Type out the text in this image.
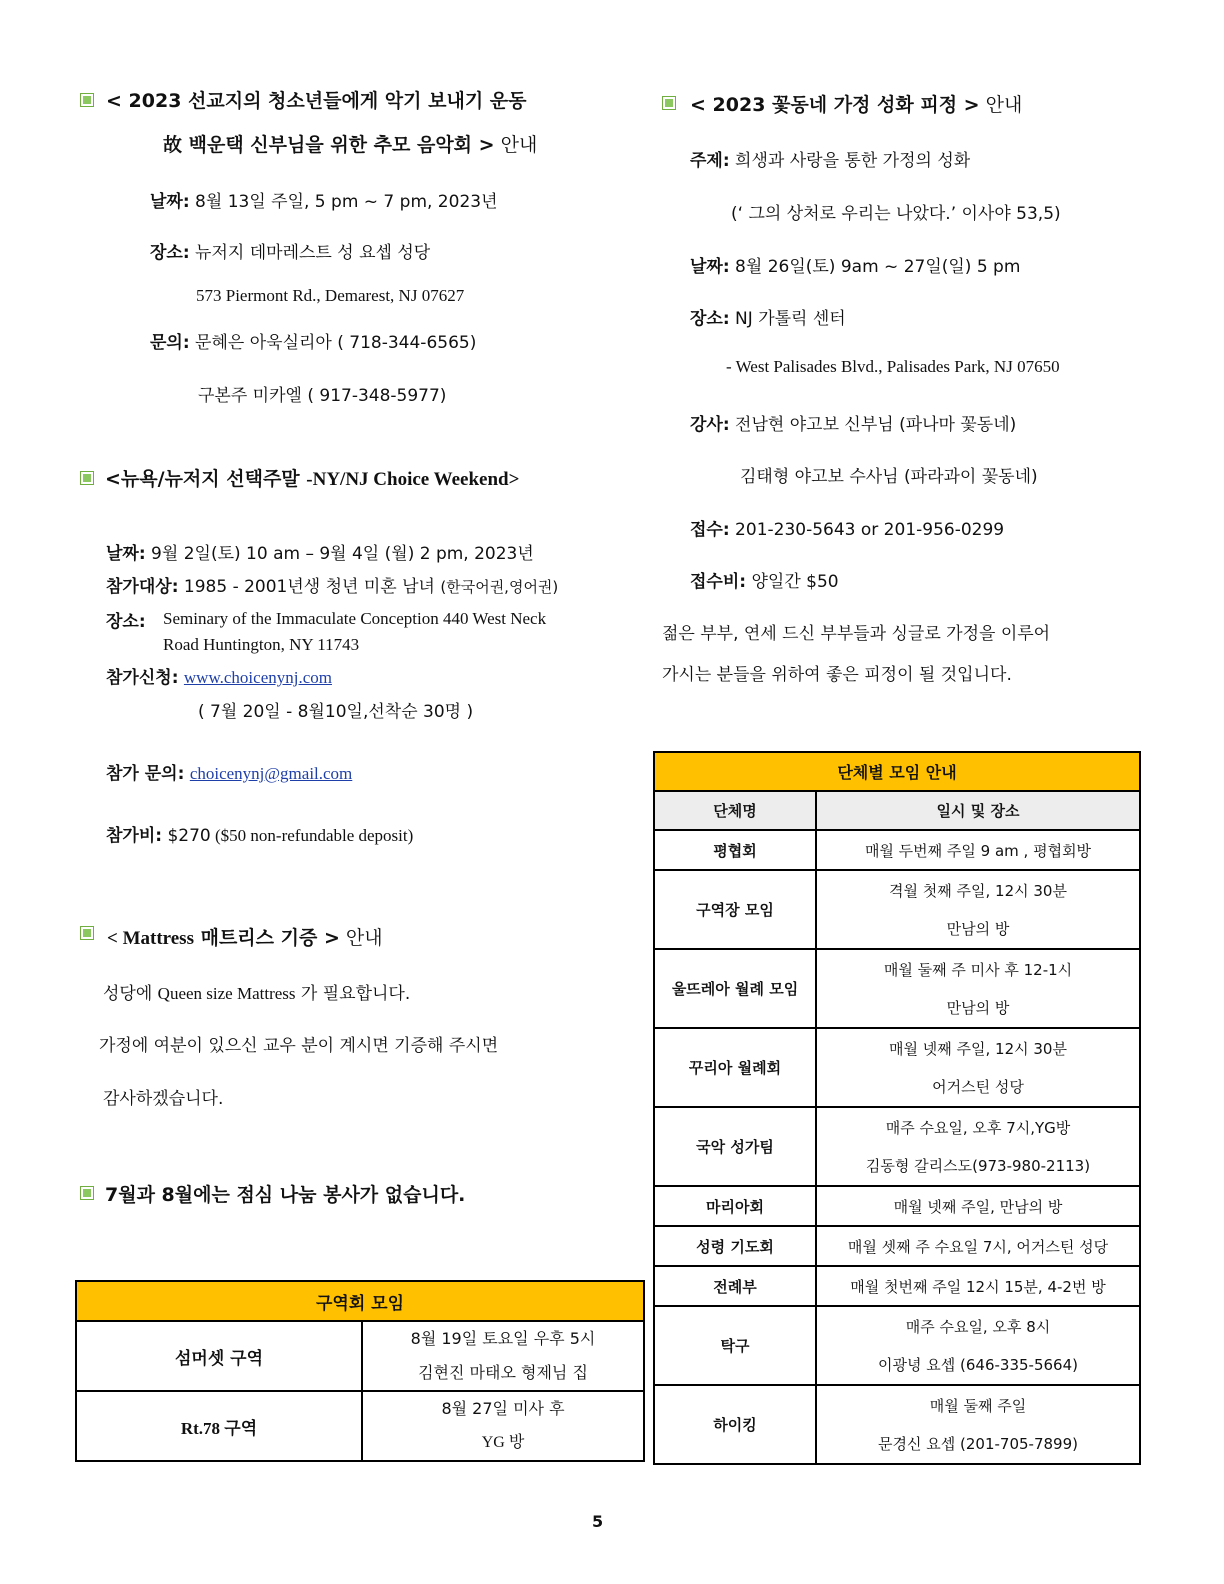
< 2023 선교지의 청소년들에게 악기 보내기 운동
故 백운택 신부님을 위한 추모 음악회 > 안내
날짜: 8월 13일 주일, 5 pm ~ 7 pm, 2023년
장소: 뉴저지 데마레스트 성 요셉 성당
573 Piermont Rd., Demarest, NJ 07627
문의: 문혜은 아욱실리아 ( 718-344-6565)
구본주 미카엘 ( 917-348-5977)
<뉴욕/뉴저지 선택주말 -NY/NJ Choice Weekend>
날짜: 9월 2일(토) 10 am – 9월 4일 (월) 2 pm, 2023년
참가대상: 1985 - 2001년생 청년 미혼 남녀 (한국어권,영어권)
장소: Seminary of the Immaculate Conception 440 West Neck
Road Huntington, NY 11743
참가신청: www.choicenynj.com
( 7월 20일 - 8월10일,선착순 30명 )
참가 문의: choicenynj@gmail.com
참가비: $270 ($50 non-refundable deposit)
< Mattress 매트리스 기증 > 안내
성당에 Queen size Mattress 가 필요합니다.
가정에 여분이 있으신 교우 분이 계시면 기증해 주시면
감사하겠습니다.
7월과 8월에는 점심 나눔 봉사가 없습니다.
구역회 모임	
섬머셋 구역	8월 19일 토요일 우후 5시
김현진 마태오 형제님 집

Rt.78 구역	8월 27일 미사 후
YG 방
< 2023 꽃동네 가정 성화 피정 > 안내
주제: 희생과 사랑을 통한 가정의 성화
(‘ 그의 상처로 우리는 나았다.’ 이사야 53,5)
날짜: 8월 26일(토) 9am ~ 27일(일) 5 pm
장소: NJ 가톨릭 센터
- West Palisades Blvd., Palisades Park, NJ 07650
강사: 전남현 야고보 신부님 (파나마 꽃동네)
김태형 야고보 수사님 (파라과이 꽃동네)
접수: 201-230-5643 or 201-956-0299
접수비: 양일간 $50
젊은 부부, 연세 드신 부부들과 싱글로 가정을 이루어
가시는 분들을 위하여 좋은 피정이 될 것입니다.
단체별 모임 안내	
단체명	일시 및 장소
평협회	매월 두번째 주일 9 am , 평협회방
구역장 모임	격월 첫째 주일, 12시 30분
만남의 방

울뜨레아 월례 모임	매월 둘째 주 미사 후 12-1시
만남의 방

꾸리아 월례회	매월 넷째 주일, 12시 30분
어거스틴 성당

국악 성가팀	매주 수요일, 오후 7시,YG방
김동형 갈리스도(973-980-2113)

마리아회	매월 넷째 주일, 만남의 방
성령 기도회	매월 셋째 주 수요일 7시, 어거스틴 성당
전례부	매월 첫번째 주일 12시 15분, 4-2번 방
탁구	매주 수요일, 오후 8시
이광녕 요셉 (646-335-5664)

하이킹	매월 둘째 주일
문경신 요셉 (201-705-7899)
5
